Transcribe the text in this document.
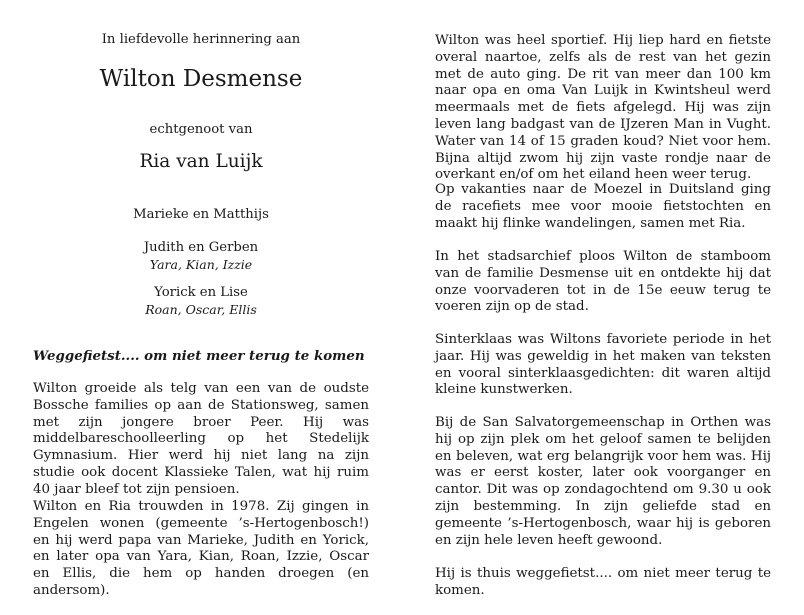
In liefdevolle herinnering aan
Wilton Desmense
echtgenoot van
Ria van Luijk
Marieke en Matthijs
Judith en Gerben
Yara, Kian, Izzie
Yorick en Lise
Roan, Oscar, Ellis
Weggefietst.... om niet meer terug te komen

Wilton groeide als telg van een van de oudste Bossche families op aan de Stationsweg, samen met zijn jongere broer Peer. Hij was middelbareschoolleerling op het Stedelijk Gymnasium. Hier werd hij niet lang na zijn studie ook docent Klassieke Talen, wat hij ruim 40 jaar bleef tot zijn pensioen.

Wilton en Ria trouwden in 1978. Zij gingen in Engelen wonen (gemeente ’s-Hertogenbosch!) en hij werd papa van Marieke, Judith en Yorick, en later opa van Yara, Kian, Roan, Izzie, Oscar en Ellis, die hem op handen droegen (en andersom).

Wilton was heel sportief. Hij liep hard en fietste overal naartoe, zelfs als de rest van het gezin met de auto ging. De rit van meer dan 100 km naar opa en oma Van Luijk in Kwintsheul werd meermaals met de fiets afgelegd. Hij was zijn leven lang badgast van de IJzeren Man in Vught. Water van 14 of 15 graden koud? Niet voor hem. Bijna altijd zwom hij zijn vaste rondje naar de overkant en/of om het eiland heen weer terug.

Op vakanties naar de Moezel in Duitsland ging de racefiets mee voor mooie fietstochten en maakt hij flinke wandelingen, samen met Ria.

In het stadsarchief ploos Wilton de stamboom van de familie Desmense uit en ontdekte hij dat onze voorvaderen tot in de 15e eeuw terug te voeren zijn op de stad.

Sinterklaas was Wiltons favoriete periode in het jaar. Hij was geweldig in het maken van teksten en vooral sinterklaasgedichten: dit waren altijd kleine kunstwerken.

Bij de San Salvatorgemeenschap in Orthen was hij op zijn plek om het geloof samen te belijden en beleven, wat erg belangrijk voor hem was. Hij was er eerst koster, later ook voorganger en cantor. Dit was op zondagochtend om 9.30 u ook zijn bestemming. In zijn geliefde stad en gemeente ’s-Hertogenbosch, waar hij is geboren en zijn hele leven heeft gewoond.

Hij is thuis weggefietst.... om niet meer terug te komen.
